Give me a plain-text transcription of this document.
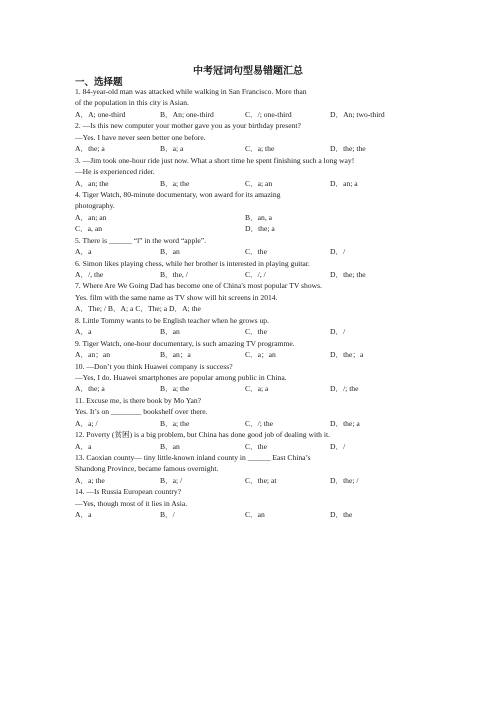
中考冠词句型易错题汇总
一、选择题
1. 84-year-old man was attacked while walking in San Francisco. More than
of the population in this city is Asian.
A．A; one-third	B．An; one-third	C．/; one-third	D．An; two-third
2. —Is this new computer your mother gave you as your birthday present?
—Yes. I have never seen better one before.
A．the; a	B．a; a	C．a; the	D．the; the
3. —Jim took one-hour ride just now. What a short time he spent finishing such a long way!
—He is experienced rider.
A．an; the	B．a; the	C．a; an	D．an; a
4. Tiger Watch, 80-minute documentary, won award for its amazing
photography.
A．an; an	B．an, a
C．a, an	D．the; a
5. There is ______ “l” in the word “apple”.
A．a	B．an	C．the	D．/
6. Simon likes playing chess, while her brother is interested in playing guitar.
A．/, the	B．the, /	C．/, /	D．the; the
7. Where Are We Going Dad has become one of China's most popular TV shows.
Yes. film with the same name as TV show will hit screens in 2014.
A．The; / B．A; a C．The; a D．A; the
8. Little Tommy wants to be English teacher when he grows up.
A．a	B．an	C．the	D．/
9. Tiger Watch, one-hour documentary, is such amazing TV programme.
A．an；an	B．an；a	C．a；an	D．the；a
10. —Don’t you think Huawei company is success?
—Yes, I do. Huawei smartphones are popular among public in China.
A．the; a	B．a; the	C．a; a	D．/; the
11. Excuse me, is there book by Mo Yan?
Yes. It’s on ________ bookshelf over there.
A．a; /	B．a; the	C．/; the	D．the; a
12. Poverty (贫困) is a big problem, but China has done good job of dealing with it.
A．a	B．an	C．the	D．/
13. Caoxian county— tiny little-known inland county in ______ East China’s
Shandong Province, became famous overnight.
A．a; the	B．a; /	C．the; at	D．the; /
14. —Is Russia European country?
—Yes, though most of it lies in Asia.
A．a	B．/	C．an	D．the
